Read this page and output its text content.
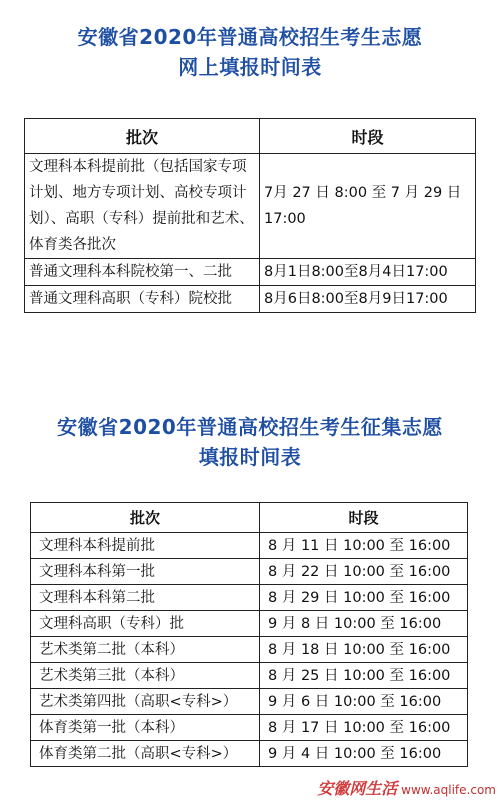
安徽省2020年普通高校招生考生志愿
网上填报时间表
批次	时段
文理科本科提前批（包括国家专项计划、地方专项计划、高校专项计划）、高职（专科）提前批和艺术、体育类各批次	7月 27 日 8:00 至 7 月 29 日 17:00
普通文理科本科院校第一、二批	8月1日8:00至8月4日17:00
普通文理科高职（专科）院校批	8月6日8:00至8月9日17:00
安徽省2020年普通高校招生考生征集志愿
填报时间表
批次	时段
文理科本科提前批	8 月 11 日 10:00 至 16:00
文理科本科第一批	8 月 22 日 10:00 至 16:00
文理科本科第二批	8 月 29 日 10:00 至 16:00
文理科高职（专科）批	9 月 8 日 10:00 至 16:00
艺术类第二批（本科）	8 月 18 日 10:00 至 16:00
艺术类第三批（本科）	8 月 25 日 10:00 至 16:00
艺术类第四批（高职<专科>）	9 月 6 日 10:00 至 16:00
体育类第一批（本科）	8 月 17 日 10:00 至 16:00
体育类第二批（高职<专科>）	9 月 4 日 10:00 至 16:00
安徽网生活 www.aqlife.com
